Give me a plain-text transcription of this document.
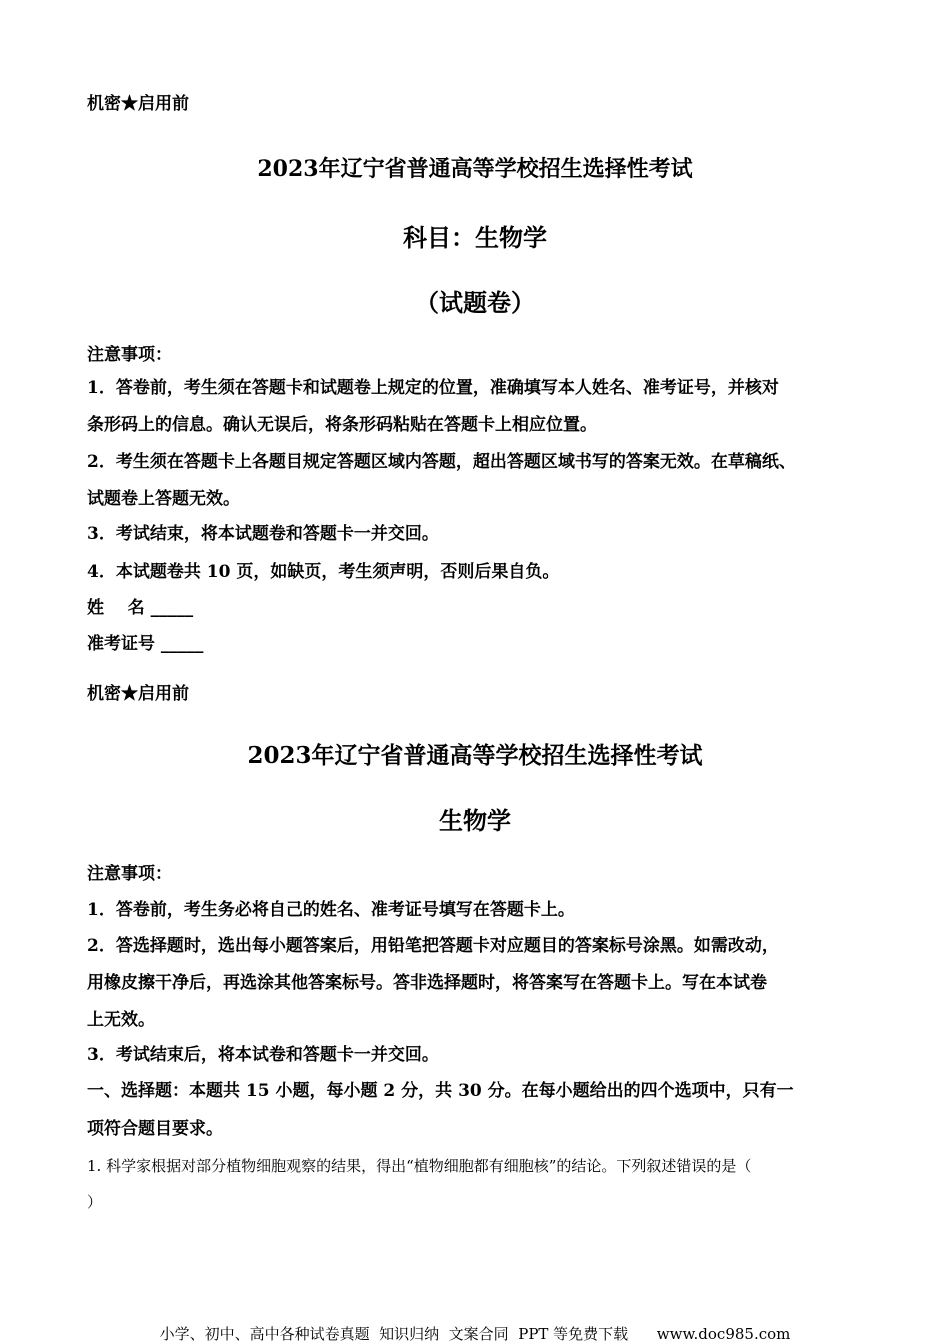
机密★启用前
2023年辽宁省普通高等学校招生选择性考试
科目：生物学
（试题卷）
注意事项：
1．答卷前，考生须在答题卡和试题卷上规定的位置，准确填写本人姓名、准考证号，并核对
条形码上的信息。确认无误后，将条形码粘贴在答题卡上相应位置。
2．考生须在答题卡上各题目规定答题区域内答题，超出答题区域书写的答案无效。在草稿纸、
试题卷上答题无效。
3．考试结束，将本试题卷和答题卡一并交回。
4．本试题卷共 10 页，如缺页，考生须声明，否则后果自负。
姓    名 _____
准考证号 _____
机密★启用前
2023年辽宁省普通高等学校招生选择性考试
生物学
注意事项：
1．答卷前，考生务必将自己的姓名、准考证号填写在答题卡上。
2．答选择题时，选出每小题答案后，用铅笔把答题卡对应题目的答案标号涂黑。如需改动，
用橡皮擦干净后，再选涂其他答案标号。答非选择题时，将答案写在答题卡上。写在本试卷
上无效。
3．考试结束后，将本试卷和答题卡一并交回。
一、选择题：本题共 15 小题，每小题 2 分，共 30 分。在每小题给出的四个选项中，只有一
项符合题目要求。
1. 科学家根据对部分植物细胞观察的结果，得出“植物细胞都有细胞核”的结论。下列叙述错误的是（
）
小学、初中、高中各种试卷真题  知识归纳  文案合同  PPT 等免费下载      www.doc985.com
